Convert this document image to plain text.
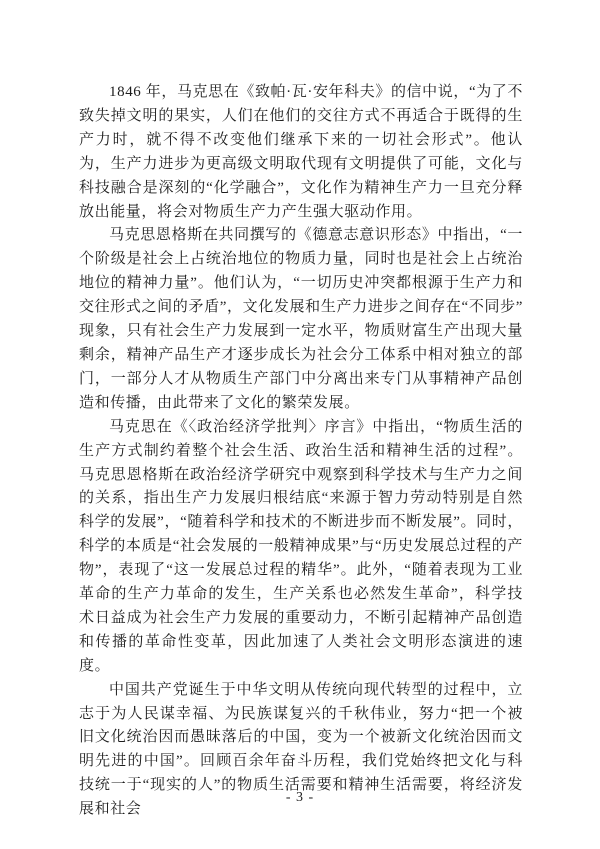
1846 年，马克思在《致帕·瓦·安年科夫》的信中说，“为了不致失掉文明的果实，人们在他们的交往方式不再适合于既得的生产力时，就不得不改变他们继承下来的一切社会形式”。他认为，生产力进步为更高级文明取代现有文明提供了可能，文化与科技融合是深刻的“化学融合”，文化作为精神生产力一旦充分释放出能量，将会对物质生产力产生强大驱动作用。

马克思恩格斯在共同撰写的《德意志意识形态》中指出，“一个阶级是社会上占统治地位的物质力量，同时也是社会上占统治地位的精神力量”。他们认为，“一切历史冲突都根源于生产力和交往形式之间的矛盾”，文化发展和生产力进步之间存在“不同步”现象，只有社会生产力发展到一定水平，物质财富生产出现大量剩余，精神产品生产才逐步成长为社会分工体系中相对独立的部门，一部分人才从物质生产部门中分离出来专门从事精神产品创造和传播，由此带来了文化的繁荣发展。

马克思在《〈政治经济学批判〉序言》中指出，“物质生活的生产方式制约着整个社会生活、政治生活和精神生活的过程”。马克思恩格斯在政治经济学研究中观察到科学技术与生产力之间的关系，指出生产力发展归根结底“来源于智力劳动特别是自然科学的发展”，“随着科学和技术的不断进步而不断发展”。同时，科学的本质是“社会发展的一般精神成果”与“历史发展总过程的产物”，表现了“这一发展总过程的精华”。此外，“随着表现为工业革命的生产力革命的发生，生产关系也必然发生革命”，科学技术日益成为社会生产力发展的重要动力，不断引起精神产品创造和传播的革命性变革，因此加速了人类社会文明形态演进的速度。

中国共产党诞生于中华文明从传统向现代转型的过程中，立志于为人民谋幸福、为民族谋复兴的千秋伟业，努力“把一个被旧文化统治因而愚昧落后的中国，变为一个被新文化统治因而文明先进的中国”。回顾百余年奋斗历程，我们党始终把文化与科技统一于“现实的人”的物质生活需要和精神生活需要，将经济发展和社会

- 3 -
